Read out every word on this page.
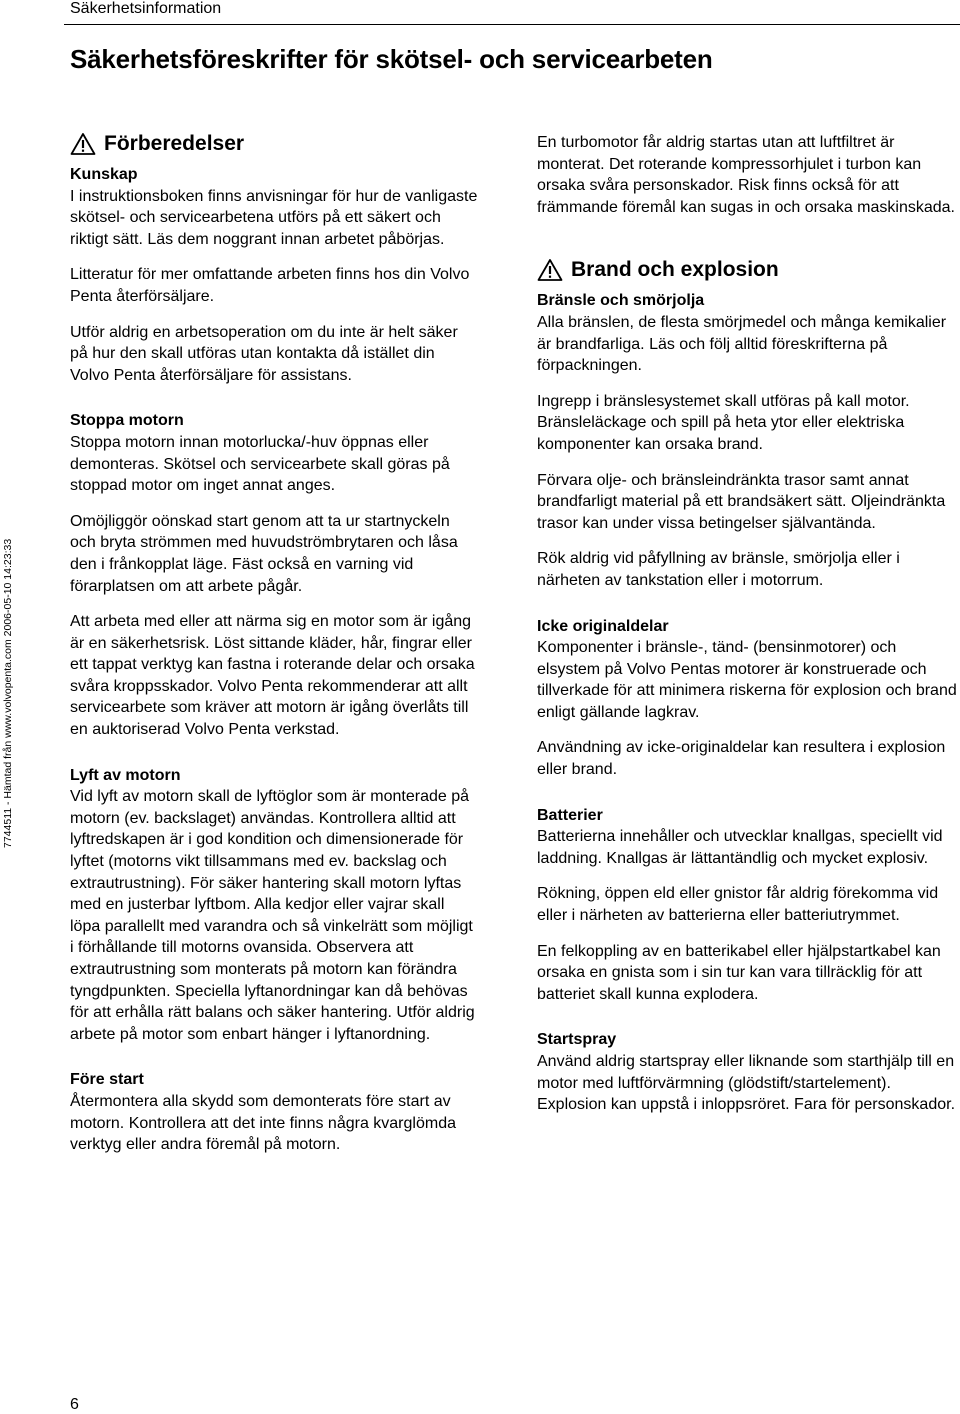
Säkerhetsinformation
Säkerhetsföreskrifter för skötsel- och servicearbeten
7744511 - Hämtad från www.volvopenta.com 2006-05-10 14:23:33
Förberedelser
Kunskap

I instruktionsboken finns anvisningar för hur de vanligaste skötsel- och servicearbetena utförs på ett säkert och riktigt sätt. Läs dem noggrant innan arbetet påbörjas.

Litteratur för mer omfattande arbeten finns hos din Volvo Penta återförsäljare.

Utför aldrig en arbetsoperation om du inte är helt säker på hur den skall utföras utan kontakta då istället din Volvo Penta återförsäljare för assistans.

Stoppa motorn

Stoppa motorn innan motorlucka/-huv öppnas eller demonteras. Skötsel och servicearbete skall göras på stoppad motor om inget annat anges.

Omöjliggör oönskad start genom att ta ur startnyckeln och bryta strömmen med huvudströmbrytaren och låsa den i frånkopplat läge. Fäst också en varning vid förarplatsen om att arbete pågår.

Att arbeta med eller att närma sig en motor som är igång är en säkerhetsrisk. Löst sittande kläder, hår, fingrar eller ett tappat verktyg kan fastna i roterande delar och orsaka svåra kroppsskador. Volvo Penta rekommenderar att allt servicearbete som kräver att motorn är igång överlåts till en auktoriserad Volvo Penta verkstad.

Lyft av motorn

Vid lyft av motorn skall de lyftöglor som är monterade på motorn (ev. backslaget) användas. Kontrollera alltid att lyftredskapen är i god kondition och dimensionerade för lyftet (motorns vikt tillsammans med ev. backslag och extrautrustning). För säker hantering skall motorn lyftas med en justerbar lyftbom. Alla kedjor eller vajrar skall löpa parallellt med varandra och så vinkelrätt som möjligt i förhållande till motorns ovansida. Observera att extrautrustning som monterats på motorn kan förändra tyngdpunkten. Speciella lyftanordningar kan då behövas för att erhålla rätt balans och säker hantering. Utför aldrig arbete på motor som enbart hänger i lyftanordning.

Före start

Återmontera alla skydd som demonterats före start av motorn. Kontrollera att det inte finns några kvarglömda verktyg eller andra föremål på motorn.

En turbomotor får aldrig startas utan att luftfiltret är monterat. Det roterande kompressorhjulet i turbon kan orsaka svåra personskador. Risk finns också för att främmande föremål kan sugas in och orsaka maskinskada.

Brand och explosion
Bränsle och smörjolja

Alla bränslen, de flesta smörjmedel och många kemikalier är brandfarliga. Läs och följ alltid föreskrifterna på förpackningen.

Ingrepp i bränslesystemet skall utföras på kall motor. Bränsleläckage och spill på heta ytor eller elektriska komponenter kan orsaka brand.

Förvara olje- och bränsleindränkta trasor samt annat brandfarligt material på ett brandsäkert sätt. Oljeindränkta trasor kan under vissa betingelser självantända.

Rök aldrig vid påfyllning av bränsle, smörjolja eller i närheten av tankstation eller i motorrum.

Icke originaldelar

Komponenter i bränsle-, tänd- (bensinmotorer) och elsystem på Volvo Pentas motorer är konstruerade och tillverkade för att minimera riskerna för explosion och brand enligt gällande lagkrav.

Användning av icke-originaldelar kan resultera i explosion eller brand.

Batterier

Batterierna innehåller och utvecklar knallgas, speciellt vid laddning. Knallgas är lättantändlig och mycket explosiv.

Rökning, öppen eld eller gnistor får aldrig förekomma vid eller i närheten av batterierna eller batteriutrymmet.

En felkoppling av en batterikabel eller hjälpstartkabel kan orsaka en gnista som i sin tur kan vara tillräcklig för att batteriet skall kunna explodera.

Startspray

Använd aldrig startspray eller liknande som starthjälp till en motor med luftförvärmning (glödstift/startelement). Explosion kan uppstå i inloppsröret. Fara för personskador.

6
